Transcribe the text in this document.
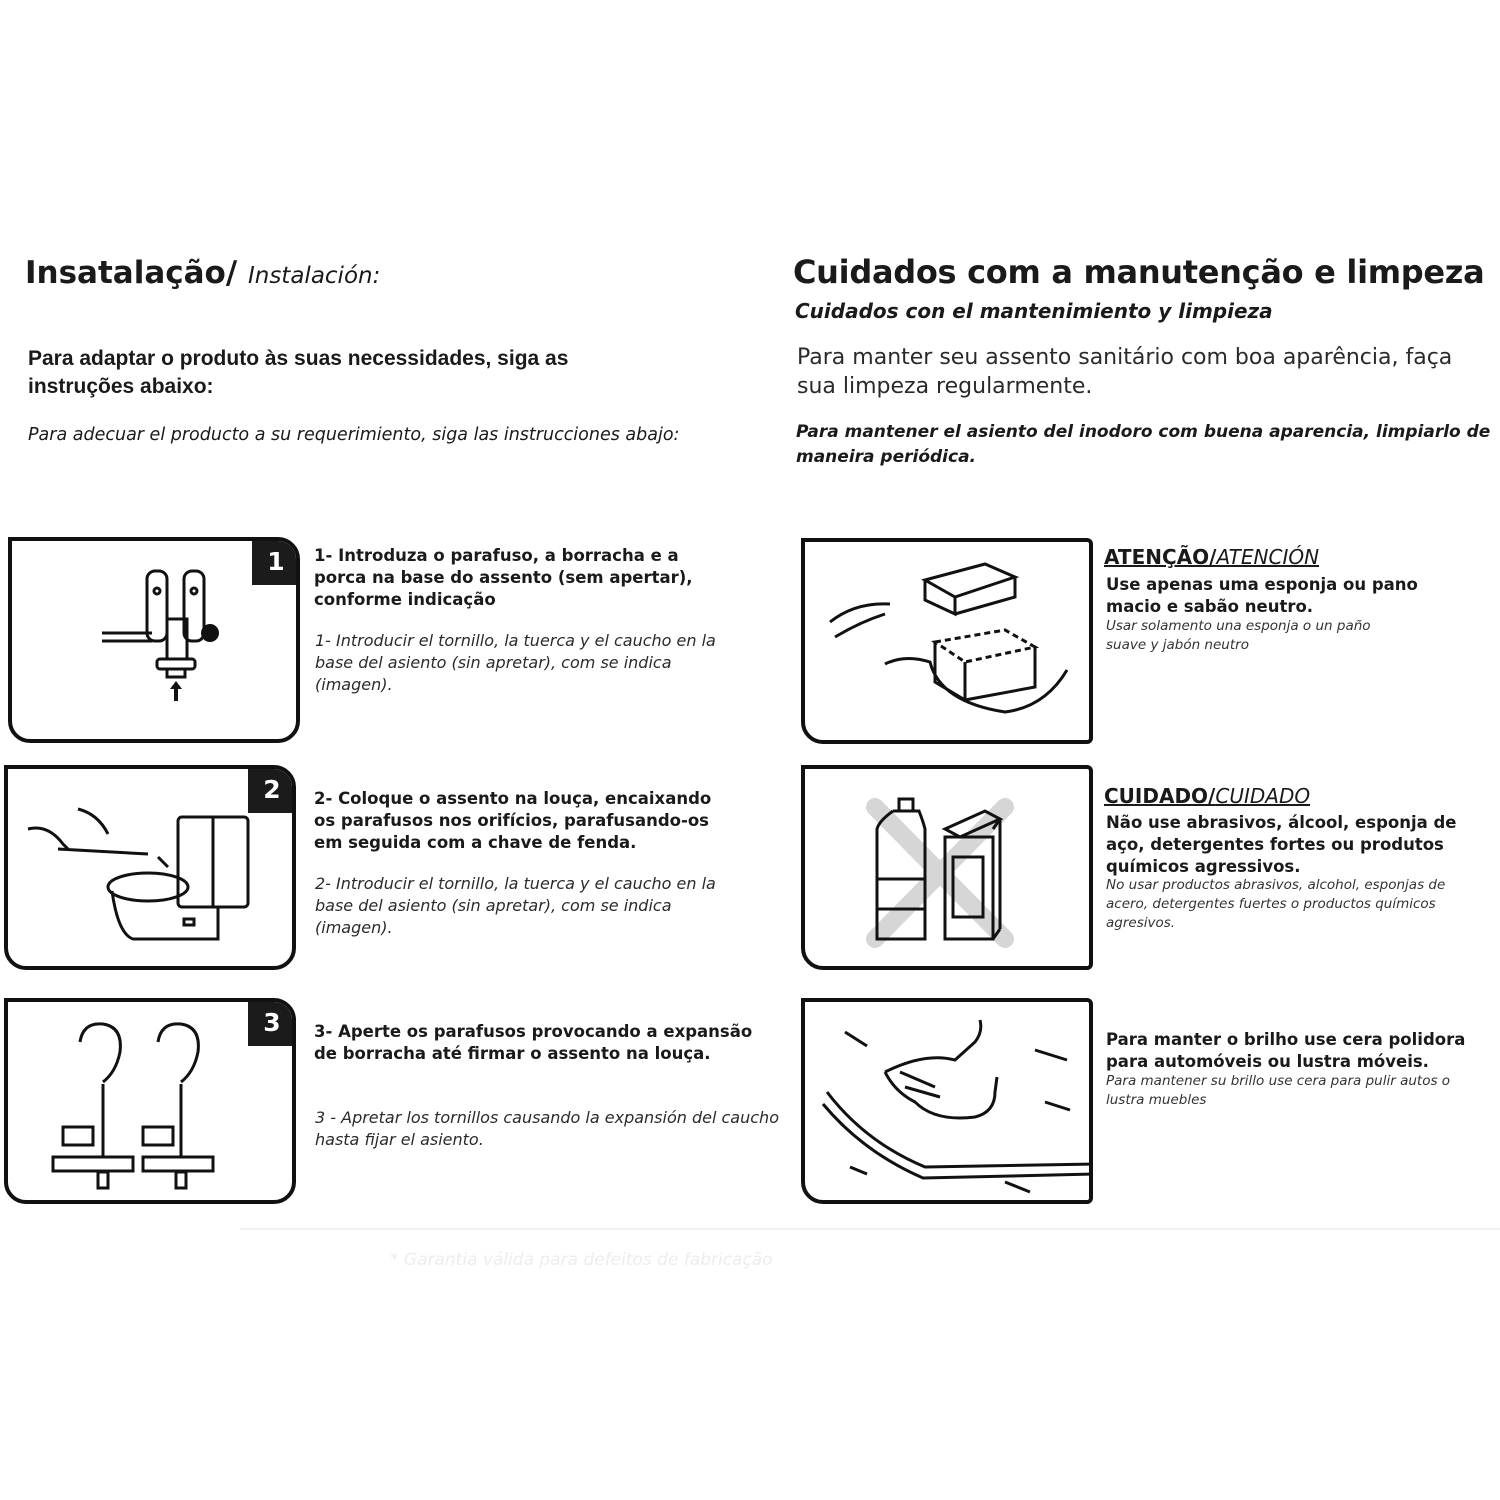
Insatalação/ Instalación:
Para adaptar o produto às suas necessidades, siga as instruções abaixo:
Para adecuar el producto a su requerimiento, siga las instrucciones abajo:
Cuidados com a manutenção e limpeza
Cuidados con el mantenimiento y limpieza
Para manter seu assento sanitário com boa aparência, faça sua limpeza regularmente.
Para mantener el asiento del inodoro com buena aparencia, limpiarlo de maneira periódica.
1	1- Introduza o parafuso, a borracha e a porca na base do assento (sem apertar), conforme indicação
1- Introducir el tornillo, la tuerca y el caucho en la base del asiento (sin apretar), com se indica (imagen).
2	2- Coloque o assento na louça, encaixando os parafusos nos orifícios, parafusando-os em seguida com a chave de fenda.
2- Introducir el tornillo, la tuerca y el caucho en la base del asiento (sin apretar), com se indica (imagen).
3	3- Aperte os parafusos provocando a expansão de borracha até firmar o assento na louça.
3 - Apretar los tornillos causando la expansión del caucho hasta fijar el asiento.
ATENÇÃO/ATENCIÓN
Use apenas uma esponja ou pano macio e sabão neutro.
Usar solamento una esponja o un paño suave y jabón neutro
CUIDADO/CUIDADO
Não use abrasivos, álcool, esponja de aço, detergentes fortes ou produtos químicos agressivos.
No usar productos abrasivos, alcohol, esponjas de acero, detergentes fuertes o productos químicos agresivos.
Para manter o brilho use cera polidora para automóveis ou lustra móveis.
Para mantener su brillo use cera para pulir autos o lustra muebles
* Garantia válida para defeitos de fabricação
